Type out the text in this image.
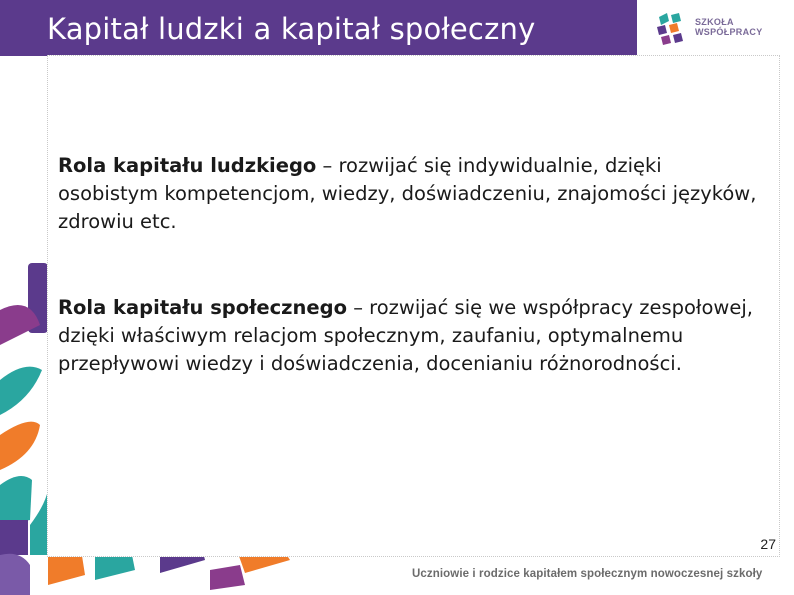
Kapitał ludzki a kapitał społeczny	SZKOŁA
WSPÓŁPRACY
Rola kapitału ludzkiego – rozwijać się indywidualnie, dzięki osobistym kompetencjom, wiedzy, doświadczeniu, znajomości języków, zdrowiu etc.
Rola kapitału społecznego – rozwijać się we współpracy zespołowej, dzięki właściwym relacjom społecznym, zaufaniu, optymalnemu przepływowi wiedzy i doświadczenia, docenianiu różnorodności.
27
Uczniowie i rodzice kapitałem społecznym nowoczesnej szkoły
